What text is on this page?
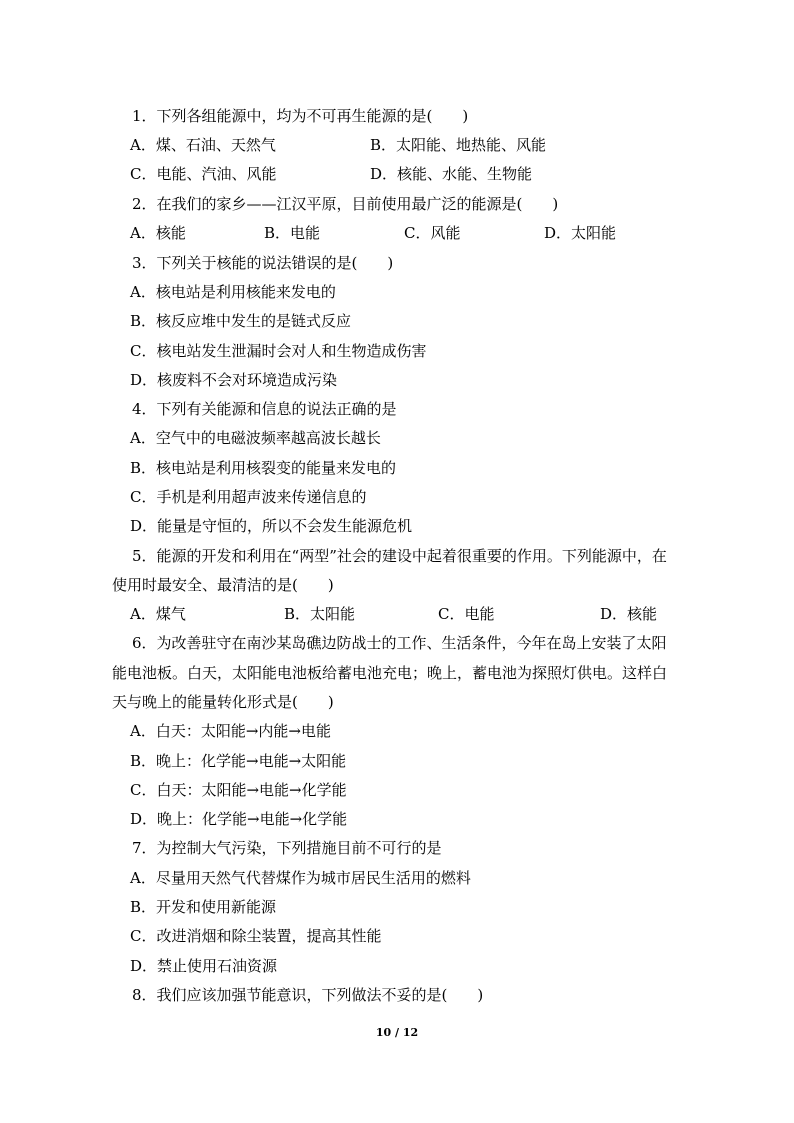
1．下列各组能源中，均为不可再生能源的是(　　)

A．煤、石油、天然气

	B．太阳能、地热能、风能

C．电能、汽油、风能

	D．核能、水能、生物能

2．在我们的家乡——江汉平原，目前使用最广泛的能源是(　　)

A．核能

	B．电能

	C．风能

	D．太阳能

3．下列关于核能的说法错误的是(　　)
A．核电站是利用核能来发电的
B．核反应堆中发生的是链式反应
C．核电站发生泄漏时会对人和生物造成伤害
D．核废料不会对环境造成污染
4．下列有关能源和信息的说法正确的是
A．空气中的电磁波频率越高波长越长
B．核电站是利用核裂变的能量来发电的
C．手机是利用超声波来传递信息的
D．能量是守恒的，所以不会发生能源危机
5．能源的开发和利用在“两型”社会的建设中起着很重要的作用。下列能源中，在
使用时最安全、最清洁的是(　　)

A．煤气

	B．太阳能

	C．电能

	D．核能

6．为改善驻守在南沙某岛礁边防战士的工作、生活条件，今年在岛上安装了太阳
能电池板。白天，太阳能电池板给蓄电池充电；晚上，蓄电池为探照灯供电。这样白
天与晚上的能量转化形式是(　　)
A．白天：太阳能→内能→电能
B．晚上：化学能→电能→太阳能
C．白天：太阳能→电能→化学能
D．晚上：化学能→电能→化学能
7．为控制大气污染，下列措施目前不可行的是
A．尽量用天然气代替煤作为城市居民生活用的燃料
B．开发和使用新能源
C．改进消烟和除尘装置，提高其性能
D．禁止使用石油资源
8．我们应该加强节能意识，下列做法不妥的是(　　)
10 / 12
